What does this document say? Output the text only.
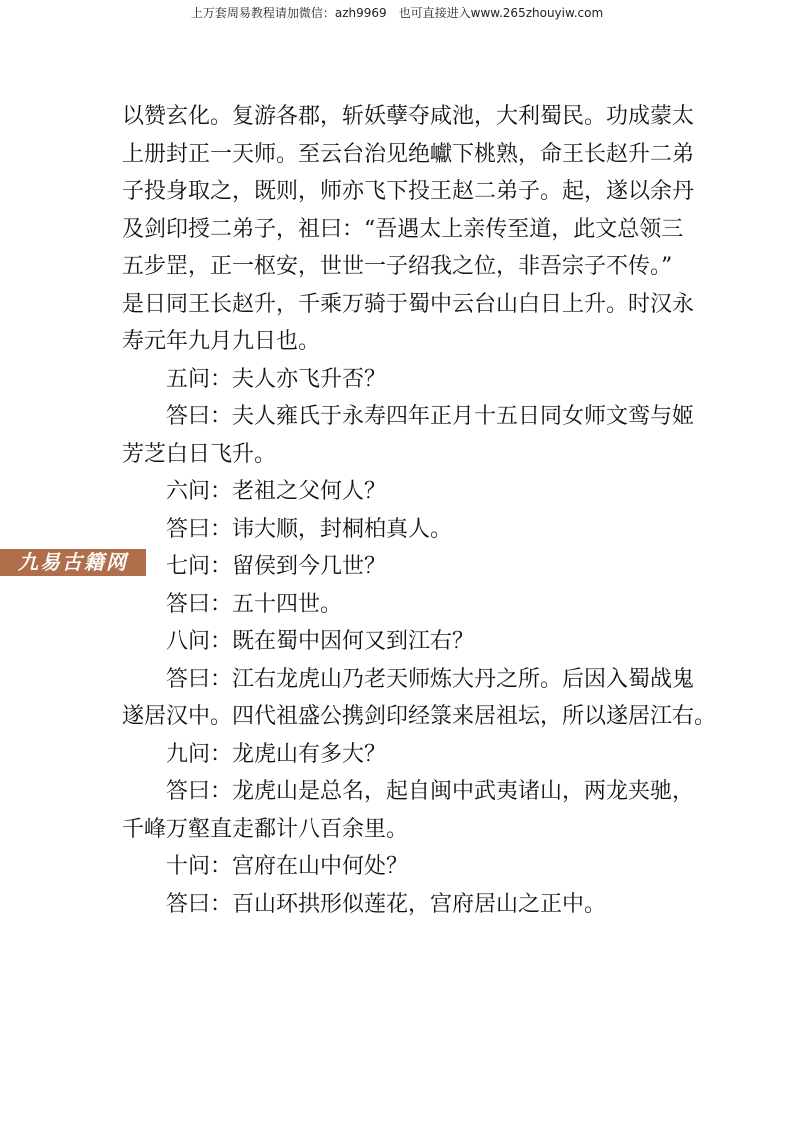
上万套周易教程请加微信：azh9969　也可直接进入www.265zhouyiw.com
九易古籍网
以赞玄化。复游各郡，斩妖孽夺咸池，大利蜀民。功成蒙太
上册封正一天师。至云台治见绝巘下桃熟，命王长赵升二弟
子投身取之，既则，师亦飞下投王赵二弟子。起，遂以余丹
及剑印授二弟子，祖曰：“吾遇太上亲传至道，此文总领三
五步罡，正一枢安，世世一子绍我之位，非吾宗子不传。”
是日同王长赵升，千乘万骑于蜀中云台山白日上升。时汉永
寿元年九月九日也。
五问：夫人亦飞升否？
答曰：夫人雍氏于永寿四年正月十五日同女师文鸾与姬
芳芝白日飞升。
六问：老祖之父何人？
答曰：讳大顺，封桐柏真人。
七问：留侯到今几世？
答曰：五十四世。
八问：既在蜀中因何又到江右？
答曰：江右龙虎山乃老天师炼大丹之所。后因入蜀战鬼
遂居汉中。四代祖盛公携剑印经箓来居祖坛，所以遂居江右。
九问：龙虎山有多大？
答曰：龙虎山是总名，起自闽中武夷诸山，两龙夹驰，
千峰万壑直走鄱计八百余里。
十问：宫府在山中何处？
答曰：百山环拱形似莲花，宫府居山之正中。
